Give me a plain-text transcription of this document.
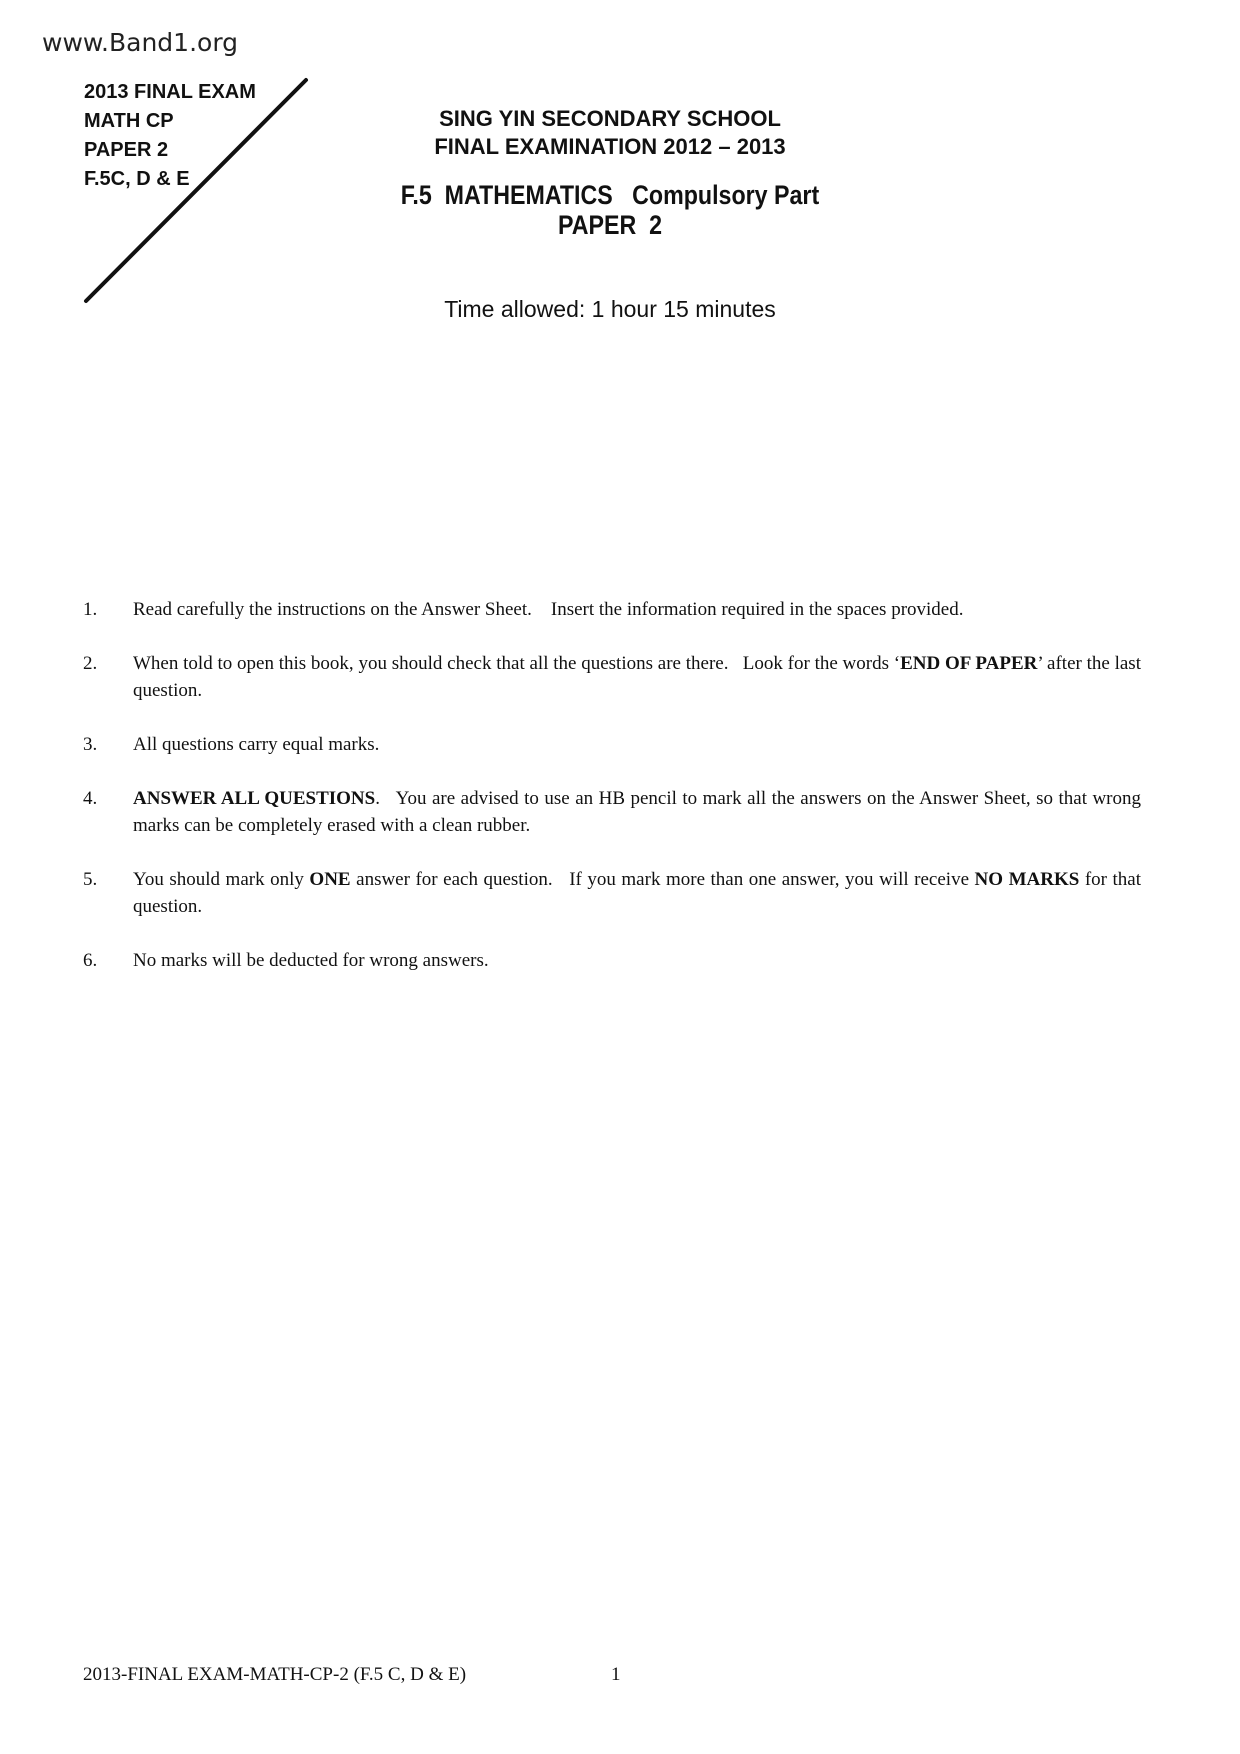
www.Band1.org
2013 FINAL EXAM
MATH CP
PAPER 2
F.5C, D & E
SING YIN SECONDARY SCHOOL
FINAL EXAMINATION 2012 – 2013
F.5  MATHEMATICS   Compulsory Part
PAPER  2
Time allowed: 1 hour 15 minutes
1.	Read carefully the instructions on the Answer Sheet.    Insert the information required in the spaces provided.
2.	When told to open this book, you should check that all the questions are there.   Look for the words ‘END OF PAPER’ after the last question.
3.	All questions carry equal marks.
4.	ANSWER ALL QUESTIONS.   You are advised to use an HB pencil to mark all the answers on the Answer Sheet, so that wrong marks can be completely erased with a clean rubber.
5.	You should mark only ONE answer for each question.   If you mark more than one answer, you will receive NO MARKS for that question.
6.	No marks will be deducted for wrong answers.
2013-FINAL EXAM-MATH-CP-2 (F.5 C, D & E)	1
